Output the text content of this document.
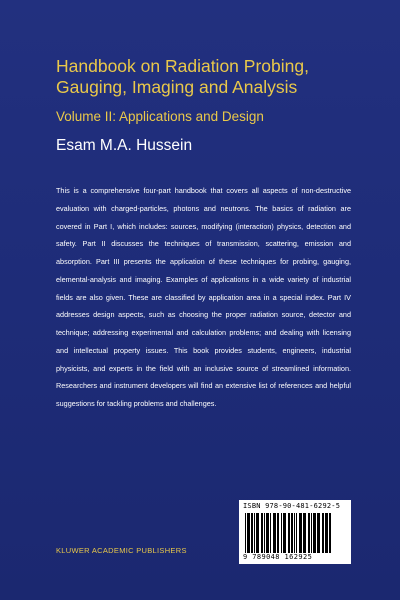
Handbook on Radiation Probing, Gauging, Imaging and Analysis

Volume II: Applications and Design

Esam M.A. Hussein

This is a comprehensive four-part handbook that covers all aspects of non-destructive evaluation with charged-particles, photons and neutrons. The basics of radiation are covered in Part I, which includes: sources, modifying (interaction) physics, detection and safety. Part II discusses the techniques of transmission, scattering, emission and absorption. Part III presents the application of these techniques for probing, gauging, elemental-analysis and imaging. Examples of applications in a wide variety of industrial fields are also given. These are classified by application area in a special index. Part IV addresses design aspects, such as choosing the proper radiation source, detector and technique; addressing experimental and calculation problems; and dealing with licensing and intellectual property issues. This book provides students, engineers, industrial physicists, and experts in the field with an inclusive source of streamlined information. Researchers and instrument developers will find an extensive list of references and helpful suggestions for tackling problems and challenges.

KLUWER ACADEMIC PUBLISHERS

ISBN 978-90-481-6292-5
9 789048 162925
